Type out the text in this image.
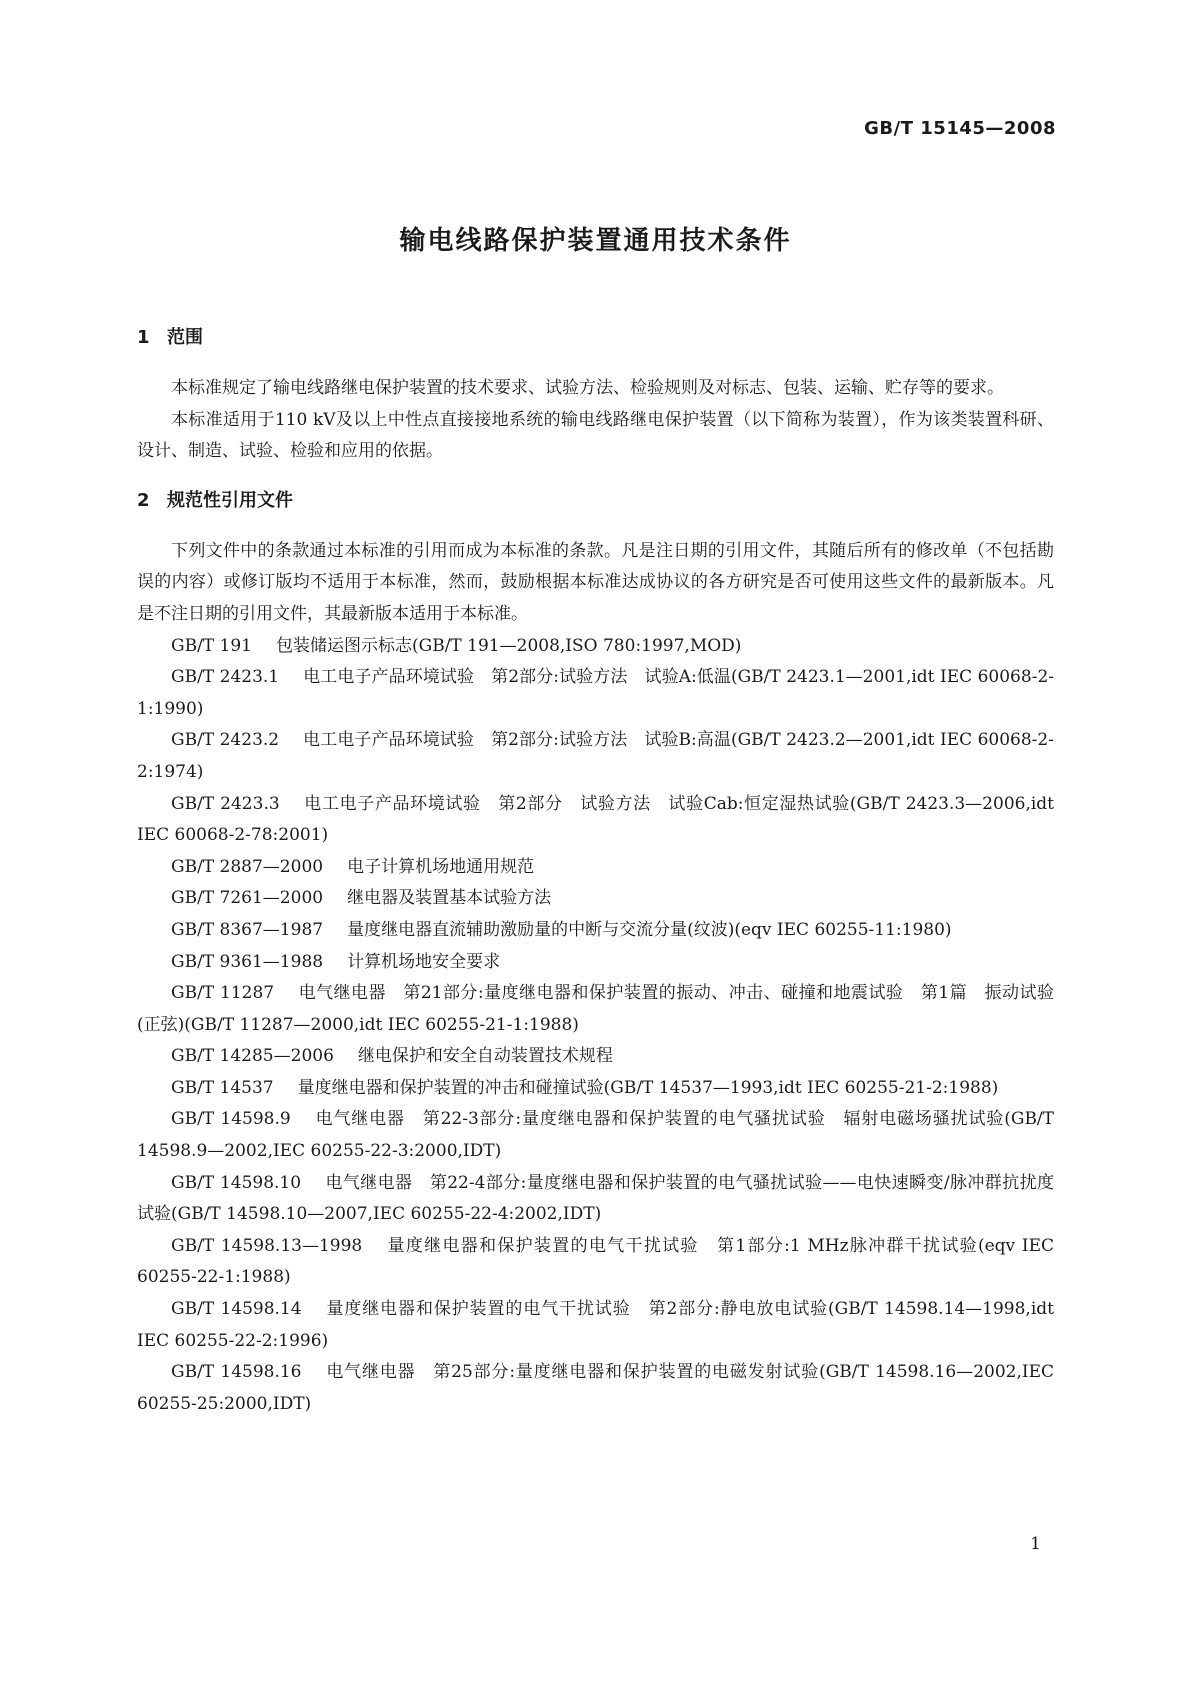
GB/T 15145—2008
输电线路保护装置通用技术条件
1 范围

本标准规定了输电线路继电保护装置的技术要求、试验方法、检验规则及对标志、包装、运输、贮存等的要求。

本标准适用于110 kV及以上中性点直接接地系统的输电线路继电保护装置（以下简称为装置），作为该类装置科研、设计、制造、试验、检验和应用的依据。

2 规范性引用文件

下列文件中的条款通过本标准的引用而成为本标准的条款。凡是注日期的引用文件，其随后所有的修改单（不包括勘误的内容）或修订版均不适用于本标准，然而，鼓励根据本标准达成协议的各方研究是否可使用这些文件的最新版本。凡是不注日期的引用文件，其最新版本适用于本标准。

GB/T 191 包装储运图示标志(GB/T 191—2008,ISO 780:1997,MOD)

GB/T 2423.1 电工电子产品环境试验　第2部分:试验方法　试验A:低温(GB/T 2423.1—2001,idt IEC 60068-2-1:1990)

GB/T 2423.2 电工电子产品环境试验　第2部分:试验方法　试验B:高温(GB/T 2423.2—2001,idt IEC 60068-2-2:1974)

GB/T 2423.3 电工电子产品环境试验　第2部分　试验方法　试验Cab:恒定湿热试验(GB/T 2423.3—2006,idt IEC 60068-2-78:2001)

GB/T 2887—2000 电子计算机场地通用规范

GB/T 7261—2000 继电器及装置基本试验方法

GB/T 8367—1987 量度继电器直流辅助激励量的中断与交流分量(纹波)(eqv IEC 60255-11:1980)

GB/T 9361—1988 计算机场地安全要求

GB/T 11287 电气继电器　第21部分:量度继电器和保护装置的振动、冲击、碰撞和地震试验　第1篇　振动试验(正弦)(GB/T 11287—2000,idt IEC 60255-21-1:1988)

GB/T 14285—2006 继电保护和安全自动装置技术规程

GB/T 14537 量度继电器和保护装置的冲击和碰撞试验(GB/T 14537—1993,idt IEC 60255-21-2:1988)

GB/T 14598.9 电气继电器　第22-3部分:量度继电器和保护装置的电气骚扰试验　辐射电磁场骚扰试验(GB/T 14598.9—2002,IEC 60255-22-3:2000,IDT)

GB/T 14598.10 电气继电器　第22-4部分:量度继电器和保护装置的电气骚扰试验——电快速瞬变/脉冲群抗扰度试验(GB/T 14598.10—2007,IEC 60255-22-4:2002,IDT)

GB/T 14598.13—1998 量度继电器和保护装置的电气干扰试验　第1部分:1 MHz脉冲群干扰试验(eqv IEC 60255-22-1:1988)

GB/T 14598.14 量度继电器和保护装置的电气干扰试验　第2部分:静电放电试验(GB/T 14598.14—1998,idt IEC 60255-22-2:1996)

GB/T 14598.16 电气继电器　第25部分:量度继电器和保护装置的电磁发射试验(GB/T 14598.16—2002,IEC 60255-25:2000,IDT)

1
